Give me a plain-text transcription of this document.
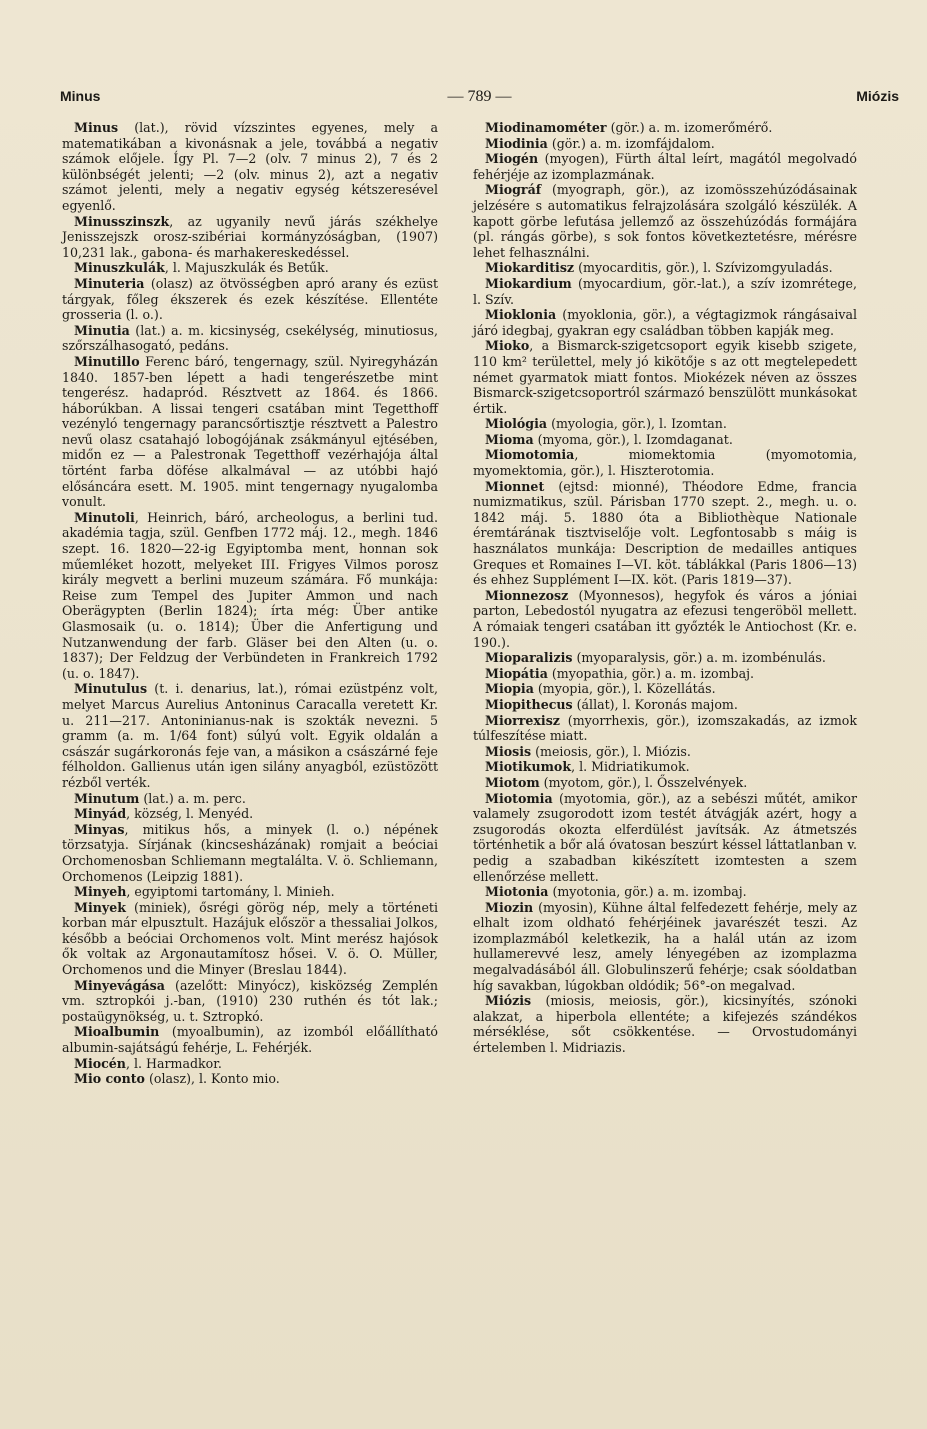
Minus	— 789 —	Miózis

Minus (lat.), rövid vízszintes egyenes, mely a matematikában a kivonásnak a jele, továbbá a negativ számok előjele. Így Pl. 7—2 (olv. 7 minus 2), 7 és 2 különbségét jelenti; —2 (olv. minus 2), azt a negativ számot jelenti, mely a negativ egység kétszeresével egyenlő.

Minusszinszk, az ugyanily nevű járás székhelye Jenisszejszk orosz-szibériai kormányzóságban, (1907) 10,231 lak., gabona- és marhakereskedéssel.

Minuszkulák, l. Majuszkulák és Betűk.

Minuteria (olasz) az ötvösségben apró arany és ezüst tárgyak, főleg ékszerek és ezek készítése. Ellentéte grosseria (l. o.).

Minutia (lat.) a. m. kicsinység, csekélység, minutiosus, szőrszálhasogató, pedáns.

Minutillo Ferenc báró, tengernagy, szül. Nyiregyházán 1840. 1857-ben lépett a hadi tengerészetbe mint tengerész. hadapród. Résztvett az 1864. és 1866. háborúkban. A lissai tengeri csatában mint Tegetthoff vezényló tengernagy parancsőrtisztje résztvett a Palestro nevű olasz csatahajó lobogójának zsákmányul ejtésében, midőn ez — a Palestronak Tegetthoff vezérhajója által történt farba döfése alkalmával — az utóbbi hajó elősáncára esett. M. 1905. mint tengernagy nyugalomba vonult.

Minutoli, Heinrich, báró, archeologus, a berlini tud. akadémia tagja, szül. Genfben 1772 máj. 12., megh. 1846 szept. 16. 1820—22-ig Egyiptomba ment, honnan sok műemléket hozott, melyeket III. Frigyes Vilmos porosz király megvett a berlini muzeum számára. Fő munkája: Reise zum Tempel des Jupiter Ammon und nach Oberägypten (Berlin 1824); írta még: Über antike Glasmosaik (u. o. 1814); Über die Anfertigung und Nutzanwendung der farb. Gläser bei den Alten (u. o. 1837); Der Feldzug der Verbündeten in Frankreich 1792 (u. o. 1847).

Minutulus (t. i. denarius, lat.), római ezüstpénz volt, melyet Marcus Aurelius Antoninus Caracalla veretett Kr. u. 211—217. Antoninianus-nak is szokták nevezni. 5 gramm (a. m. 1/64 font) súlyú volt. Egyik oldalán a császár sugárkoronás feje van, a másikon a császárné feje félholdon. Gallienus után igen silány anyagból, ezüstözött rézből verték.

Minutum (lat.) a. m. perc.

Minyád, község, l. Menyéd.

Minyas, mitikus hős, a minyek (l. o.) népének törzsatyja. Sírjának (kincsesházának) romjait a beóciai Orchomenosban Schliemann megtalálta. V. ö. Schliemann, Orchomenos (Leipzig 1881).

Minyeh, egyiptomi tartomány, l. Minieh.

Minyek (miniek), ősrégi görög nép, mely a történeti korban már elpusztult. Hazájuk először a thessaliai Jolkos, később a beóciai Orchomenos volt. Mint merész hajósok ők voltak az Argonautamítosz hősei. V. ö. O. Müller, Orchomenos und die Minyer (Breslau 1844).

Minyevágása (azelőtt: Minyócz), kisközség Zemplén vm. sztropkói j.-ban, (1910) 230 ruthén és tót lak.; postaügynökség, u. t. Sztropkó.

Mioalbumin (myoalbumin), az izomból előállítható albumin-sajátságú fehérje, L. Fehérjék.

Miocén, l. Harmadkor.

Mio conto (olasz), l. Konto mio.

Miodinamométer (gör.) a. m. izomerőmérő.

Miodinia (gör.) a. m. izomfájdalom.

Miogén (myogen), Fürth által leírt, magától megolvadó fehérjéje az izomplazmának.

Miográf (myograph, gör.), az izomösszehúzódásainak jelzésére s automatikus felrajzolására szolgáló készülék. A kapott görbe lefutása jellemző az összehúzódás formájára (pl. rángás görbe), s sok fontos következtetésre, mérésre lehet felhasználni.

Miokarditisz (myocarditis, gör.), l. Szívizomgyuladás.

Miokardium (myocardium, gör.-lat.), a szív izomrétege, l. Szív.

Mioklonia (myoklonia, gör.), a végtagizmok rángásaival járó idegbaj, gyakran egy családban többen kapják meg.

Mioko, a Bismarck-szigetcsoport egyik kisebb szigete, 110 km² területtel, mely jó kikötője s az ott megtelepedett német gyarmatok miatt fontos. Miokézek néven az összes Bismarck-szigetcsoportról származó benszülött munkásokat értik.

Miológia (myologia, gör.), l. Izomtan.

Mioma (myoma, gör.), l. Izomdaganat.

Miomotomia, miomektomia (myomotomia, myomektomia, gör.), l. Hiszterotomia.

Mionnet (ejtsd: mionné), Théodore Edme, francia numizmatikus, szül. Párisban 1770 szept. 2., megh. u. o. 1842 máj. 5. 1880 óta a Bibliothèque Nationale éremtárának tisztviselője volt. Legfontosabb s máig is használatos munkája: Description de medailles antiques Greques et Romaines I—VI. köt. táblákkal (Paris 1806—13) és ehhez Supplément I—IX. köt. (Paris 1819—37).

Mionnezosz (Myonnesos), hegyfok és város a jóniai parton, Lebedostól nyugatra az efezusi tengeröböl mellett. A rómaiak tengeri csatában itt győzték le Antiochost (Kr. e. 190.).

Mioparalizis (myoparalysis, gör.) a. m. izombénulás.

Miopátia (myopathia, gör.) a. m. izombaj.

Miopia (myopia, gör.), l. Közellátás.

Miopithecus (állat), l. Koronás majom.

Miorrexisz (myorrhexis, gör.), izomszakadás, az izmok túlfeszítése miatt.

Miosis (meiosis, gör.), l. Miózis.

Miotikumok, l. Midriatikumok.

Miotom (myotom, gör.), l. Ősszelvények.

Miotomia (myotomia, gör.), az a sebészi műtét, amikor valamely zsugorodott izom testét átvágják azért, hogy a zsugorodás okozta elferdülést javítsák. Az átmetszés történhetik a bőr alá óvatosan beszúrt késsel láttatlanban v. pedig a szabadban kikészített izomtesten a szem ellenőrzése mellett.

Miotonia (myotonia, gör.) a. m. izombaj.

Miozin (myosin), Kühne által felfedezett fehérje, mely az elhalt izom oldható fehérjéinek javarészét teszi. Az izomplazmából keletkezik, ha a halál után az izom hullamerevvé lesz, amely lényegében az izomplazma megalvadásából áll. Globulinszerű fehérje; csak sóoldatban híg savakban, lúgokban oldódik; 56°-on megalvad.

Miózis (miosis, meiosis, gör.), kicsinyítés, szónoki alakzat, a hiperbola ellentéte; a kifejezés szándékos mérséklése, sőt csökkentése. — Orvostudományi értelemben l. Midriazis.
